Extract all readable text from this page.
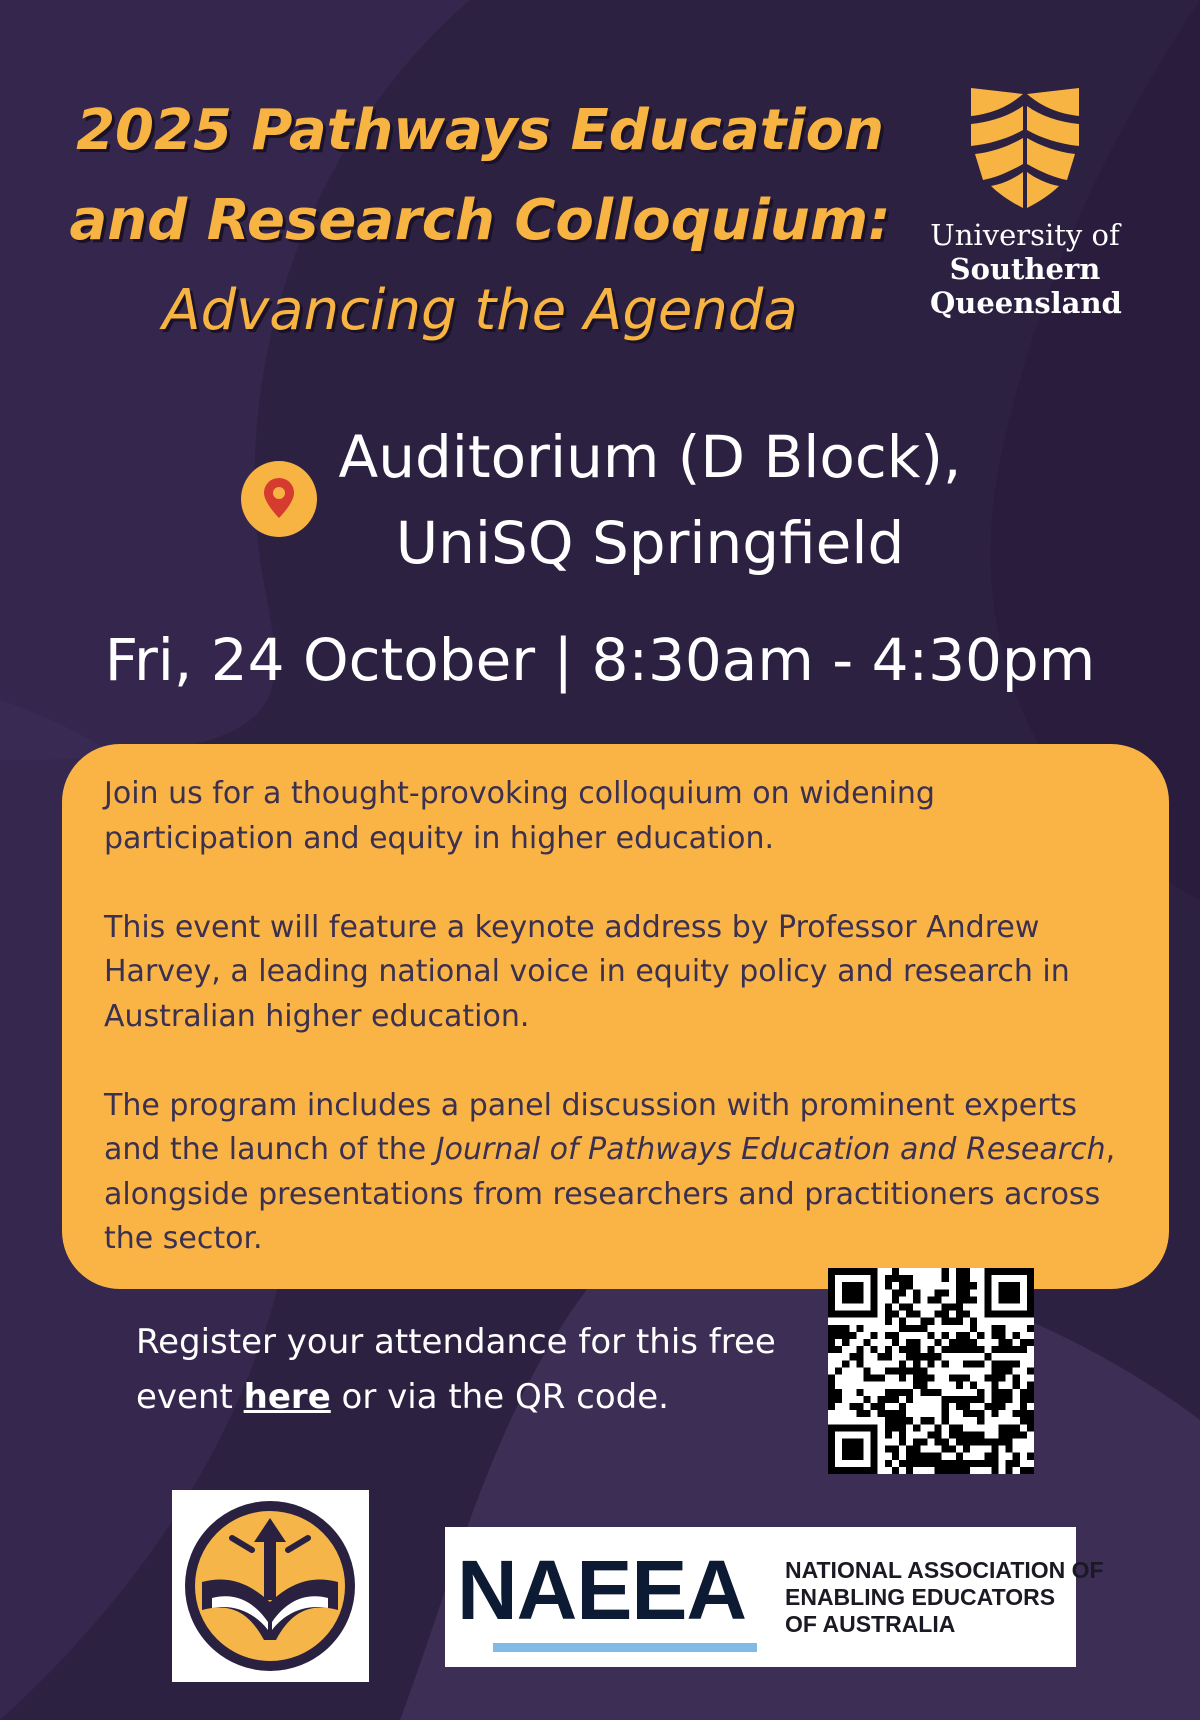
2025 Pathways Education
and Research Colloquium:
Advancing the Agenda
University of
Southern
Queensland
Auditorium (D Block),
UniSQ Springfield
Fri, 24 October | 8:30am - 4:30pm

Join us for a thought-provoking colloquium on widening participation and equity in higher education.

This event will feature a keynote address by Professor Andrew Harvey, a leading national voice in equity policy and research in Australian higher education.

The program includes a panel discussion with prominent experts and the launch of the Journal of Pathways Education and Research, alongside presentations from researchers and practitioners across the sector.

Register your attendance for this free event here or via the QR code.
NAEEA NATIONAL ASSOCIATION OF
ENABLING EDUCATORS
OF AUSTRALIA
